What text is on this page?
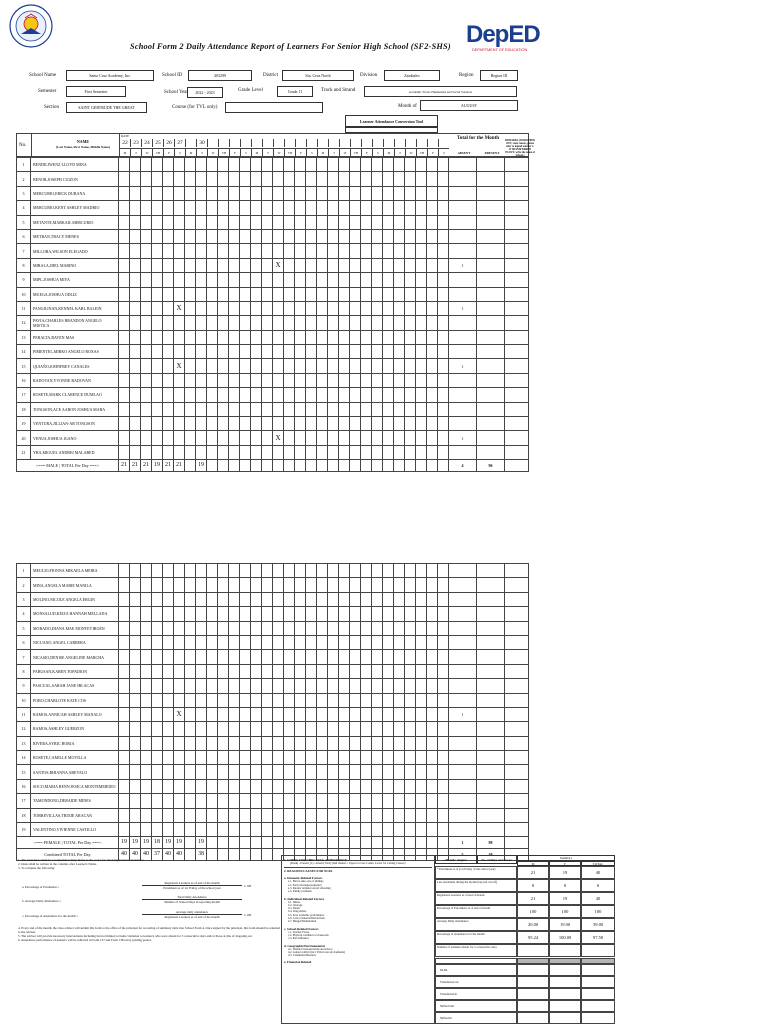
School Form 2 Daily Attendance Report of Learners For Senior High School (SF2-SHS) DepED
DEPARTMENT OF EDUCATION
School Name	Santa Cruz Academy, Inc.	School ID	403299	District	Sta. Cruz North	Division	Zambales	Region	Region III
Semester	First Semester	School Year	2022 - 2023	Grade Level	Grade 11	Track and Strand	Academic Track: Humanities and Social Sciences
Section	SAINT GERTRUDE THE GREAT	Course (for TVL only)	Month of	AUGUST
Learner Attendance Conversion Tool
No.
NAME
(Last Name, First Name, Middle Name)
DATE
22	23	24	25	26	27	30
M	T	W	TH	F	S	M	T	W	TH	F	S	M	T	W	TH	F	S	M	T	W	TH	F	S	M	T	W	TH	F	S
Total for the Month
ABSENT	PRESENT
REMARKS (If DROPPED OUT, state reason, please refer to legend number 2. If TRANSFERRED IN/OUT, write the name of School.)
1	BENDILIWENZ LLOYD MINA																																	
2	BENOR,JOSEPH CUIZON																																	
3	MERCURIO,ERICK DURANA																																	
4	MERCURIO,KENT ASHLEY MADRIO																																	
5	METANTE,MARKAIL MERCURIO																																	
6	METRAN,TRACY MENES																																	
7	MILLORA,WILSON ELEGADO																																	
8	MIRALA,JHEL MARINO															X																1		
9	MIPL,JOSHUA MIYA																																	
10	MUEGA,JOSHUA ODLIZ																																	
11	PANGILINAN,KENNEL KARL BALEIN						X																									1		
12	PAVIA,CHARLES BRANDON ANGELO MISTICA																																	
13	PERALTA,RAVEN MAS																																	
14	PIMENTEL,MIRKO ANGELO ROXAS																																	
15	QUIAÑO,JOHNFREY CANALES						X																									1		
16	RADOVAN,YVONNE RADOVAN																																	
17	ROSETE,MARK CLARENCE DUMLAO																																	
18	TONGSON,ACE AARON JOSHUA MARA																																	
19	VENTURA,JILLIAN-AR TONGSON																																	
20	VENUS,JOSHUA IGANO															X																1		
21	YRA,MIGUEL ANDREI MALABED																																	
<=== MALE | TOTAL Per Day ===>		21	21	21	19	21	21		19																							4	96	
1	MEULIO,FIONNA MIKAELA MEIRA																																	
2	MINA,ANGELA MARIE MANILA																																	
3	MOLINO,NICOLE ANGELA ERGIN																																	
4	MONSALUD,KEIZA HANNAH MELLADA																																	
5	MORADO,DIANA MAE MONTEVIRGEN																																	
6	NICUANO,ANGEL CABRERA																																	
7	NICASIO,DENISE ANGELINE MARCHA																																	
8	PABUSAN,KAREN TOPADION																																	
9	PASCUAL,SARAH JANE IBLACAS																																	
10	PORO,CHARLOTE KATE COS																																	
11	RAMOS,ANNICAH ASHLEY MANALO						X																									1		
12	RAMOS,ASHLEY GUERZON																																	
13	RIVERA,SYRIC BORJA																																	
14	ROSETE,CAMILLE MOVILLA																																	
15	SANTOS,RHIANNA AREVALO																																	
16	SOCO,MARIA RENN JESICA MONTEMMEDIO																																	
17	TAMONDONG,DERAIDE MINES																																	
18	TORREVILLAS,TRIXIE ARACAN																																	
19	VALENTINO,VIVIENNE CASTILLO																																	
<=== FEMALE | TOTAL Per Day ===>		19	19	19	18	19	19		19																							1	98	
Combined TOTAL Per Day		40	40	40	37	40	40		38																							5	49	
1. The attendance shall be accomplished daily. Refer to the codes for checking learners' attendance.
2. Dates shall be written in the columns after Learner's Name.
3. To compute the following:
a. Percentage of Enrolment =
Registered Learners as of end of the month
Enrolment as of 1st Friday of the school year	x 100
b. Average Daily Attendance =
Total Daily Attendance
Number of School Days in reporting month
c. Percentage of Attendance for the month =
Average daily attendance
Registered Learners as of end of the month	x 100
4. Every end of the month, the class adviser will submit this form to the office of the principal for recording of summary table into School Form 4. Once signed by the principal, this form should be returned to the adviser.
5. The adviser will provide necessary interventions including but not limited to home visitation to learner/s who were absent for 5 consecutive days and/or those at risk of dropping out.
6. Attendance performance of learners will be reflected in Form 137 and Form 138 every grading period.
1. CODES FOR CHECKING ATTENDANCE
(blank) - Present; (x) - Absent; Tardy (half shaded = Upper for Late Comer, Lower for Cutting Classes)
2. REASONS/CAUSES FOR NLPA
a. Domestic-Related Factors
a.1. Had to take care of siblings
a.2. Early marriage/pregnancy
a.3. Parents' attitude toward schooling
a.4. Family problems
b. Individual-Related Factors
b.1. Illness
b.2. Overage
b.3. Death
b.4. Drug Abuse
b.5. Poor academic performance
b.6. Lack of interest/Distractions
b.7. Hunger/Malnutrition
c. School-Related Factors
c.1. Teacher Factor
c.2. Physical condition of classroom
c.3. Peer influence
d. Geographic/Environmental
d.1. Distance between home and school
d.2. Armed conflict (incl. Tribal wars & clanfeuds)
d.3. Calamities/Disasters
e. Financial-Related
Month : August	No. of Days of Classes:	Summary
M	F	TOTAL
* Enrolment as of (1st Friday of the school year)
21	19	40
Late enrolment during the month (beyond cut-off)
0	0	0
Registered Learners as of end of month
21	19	40
Percentage of Enrolment as of end of month
100	100	100
Average Daily Attendance
20.00	19.00	39.00
Percentage of Attendance for the month
95.24	100.00	97.50
Number of students absent for 5 consecutive days
NLPA
Transferred out
Transferred in
Shifted Out
Shifted In
